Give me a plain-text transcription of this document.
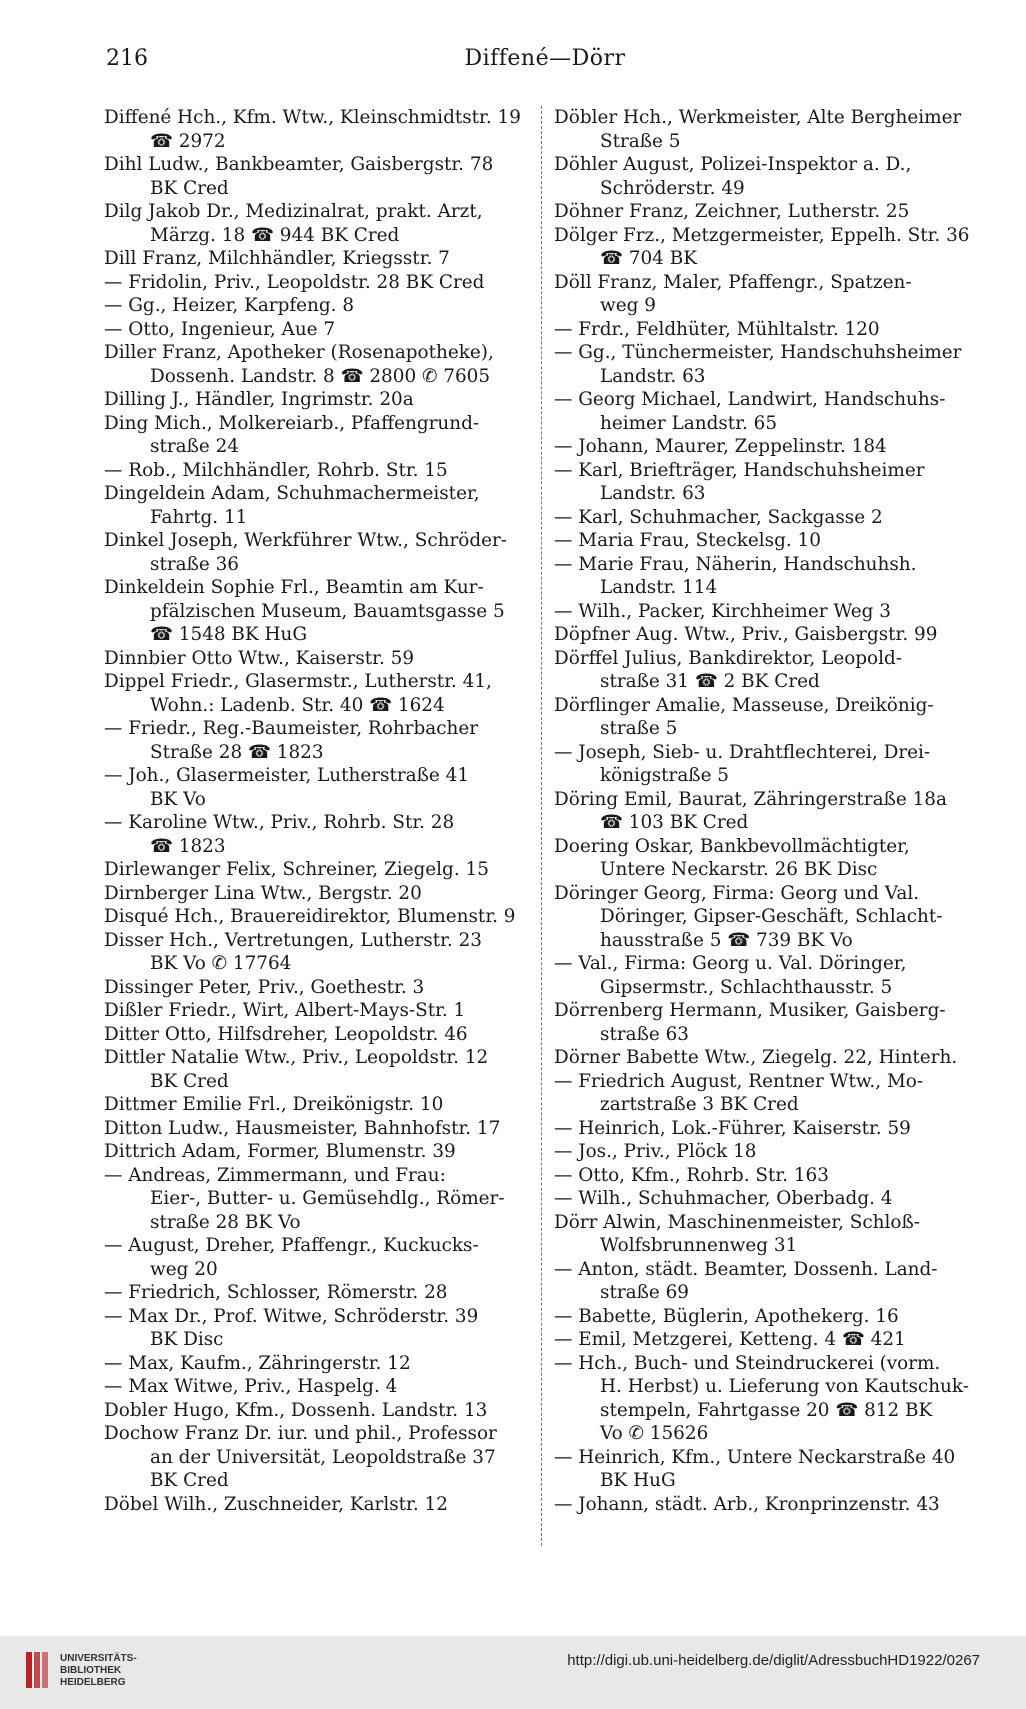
216	Diffené—Dörr
Diffené Hch., Kfm. Wtw., Kleinschmidtstr. 19
☎ 2972
Dihl Ludw., Bankbeamter, Gaisbergstr. 78
BK Cred
Dilg Jakob Dr., Medizinalrat, prakt. Arzt,
Märzg. 18 ☎ 944 BK Cred
Dill Franz, Milchhändler, Kriegsstr. 7
— Fridolin, Priv., Leopoldstr. 28 BK Cred
— Gg., Heizer, Karpfeng. 8
— Otto, Ingenieur, Aue 7
Diller Franz, Apotheker (Rosenapotheke),
Dossenh. Landstr. 8 ☎ 2800 ✆ 7605
Dilling J., Händler, Ingrimstr. 20a
Ding Mich., Molkereiarb., Pfaffengrund-
straße 24
— Rob., Milchhändler, Rohrb. Str. 15
Dingeldein Adam, Schuhmachermeister,
Fahrtg. 11
Dinkel Joseph, Werkführer Wtw., Schröder-
straße 36
Dinkeldein Sophie Frl., Beamtin am Kur-
pfälzischen Museum, Bauamtsgasse 5
☎ 1548 BK HuG
Dinnbier Otto Wtw., Kaiserstr. 59
Dippel Friedr., Glasermstr., Lutherstr. 41,
Wohn.: Ladenb. Str. 40 ☎ 1624
— Friedr., Reg.-Baumeister, Rohrbacher
Straße 28 ☎ 1823
— Joh., Glasermeister, Lutherstraße 41
BK Vo
— Karoline Wtw., Priv., Rohrb. Str. 28
☎ 1823
Dirlewanger Felix, Schreiner, Ziegelg. 15
Dirnberger Lina Wtw., Bergstr. 20
Disqué Hch., Brauereidirektor, Blumenstr. 9
Disser Hch., Vertretungen, Lutherstr. 23
BK Vo ✆ 17764
Dissinger Peter, Priv., Goethestr. 3
Dißler Friedr., Wirt, Albert-Mays-Str. 1
Ditter Otto, Hilfsdreher, Leopoldstr. 46
Dittler Natalie Wtw., Priv., Leopoldstr. 12
BK Cred
Dittmer Emilie Frl., Dreikönigstr. 10
Ditton Ludw., Hausmeister, Bahnhofstr. 17
Dittrich Adam, Former, Blumenstr. 39
— Andreas, Zimmermann, und Frau:
Eier-, Butter- u. Gemüsehdlg., Römer-
straße 28 BK Vo
— August, Dreher, Pfaffengr., Kuckucks-
weg 20
— Friedrich, Schlosser, Römerstr. 28
— Max Dr., Prof. Witwe, Schröderstr. 39
BK Disc
— Max, Kaufm., Zähringerstr. 12
— Max Witwe, Priv., Haspelg. 4
Dobler Hugo, Kfm., Dossenh. Landstr. 13
Dochow Franz Dr. iur. und phil., Professor
an der Universität, Leopoldstraße 37
BK Cred
Döbel Wilh., Zuschneider, Karlstr. 12
Döbler Hch., Werkmeister, Alte Bergheimer
Straße 5
Döhler August, Polizei-Inspektor a. D.,
Schröderstr. 49
Döhner Franz, Zeichner, Lutherstr. 25
Dölger Frz., Metzgermeister, Eppelh. Str. 36
☎ 704 BK
Döll Franz, Maler, Pfaffengr., Spatzen-
weg 9
— Frdr., Feldhüter, Mühltalstr. 120
— Gg., Tünchermeister, Handschuhsheimer
Landstr. 63
— Georg Michael, Landwirt, Handschuhs-
heimer Landstr. 65
— Johann, Maurer, Zeppelinstr. 184
— Karl, Briefträger, Handschuhsheimer
Landstr. 63
— Karl, Schuhmacher, Sackgasse 2
— Maria Frau, Steckelsg. 10
— Marie Frau, Näherin, Handschuhsh.
Landstr. 114
— Wilh., Packer, Kirchheimer Weg 3
Döpfner Aug. Wtw., Priv., Gaisbergstr. 99
Dörffel Julius, Bankdirektor, Leopold-
straße 31 ☎ 2 BK Cred
Dörflinger Amalie, Masseuse, Dreikönig-
straße 5
— Joseph, Sieb- u. Drahtflechterei, Drei-
königstraße 5
Döring Emil, Baurat, Zähringerstraße 18a
☎ 103 BK Cred
Doering Oskar, Bankbevollmächtigter,
Untere Neckarstr. 26 BK Disc
Döringer Georg, Firma: Georg und Val.
Döringer, Gipser-Geschäft, Schlacht-
hausstraße 5 ☎ 739 BK Vo
— Val., Firma: Georg u. Val. Döringer,
Gipsermstr., Schlachthausstr. 5
Dörrenberg Hermann, Musiker, Gaisberg-
straße 63
Dörner Babette Wtw., Ziegelg. 22, Hinterh.
— Friedrich August, Rentner Wtw., Mo-
zartstraße 3 BK Cred
— Heinrich, Lok.-Führer, Kaiserstr. 59
— Jos., Priv., Plöck 18
— Otto, Kfm., Rohrb. Str. 163
— Wilh., Schuhmacher, Oberbadg. 4
Dörr Alwin, Maschinenmeister, Schloß-
Wolfsbrunnenweg 31
— Anton, städt. Beamter, Dossenh. Land-
straße 69
— Babette, Büglerin, Apothekerg. 16
— Emil, Metzgerei, Ketteng. 4 ☎ 421
— Hch., Buch- und Steindruckerei (vorm.
H. Herbst) u. Lieferung von Kautschuk-
stempeln, Fahrtgasse 20 ☎ 812 BK
Vo ✆ 15626
— Heinrich, Kfm., Untere Neckarstraße 40
BK HuG
— Johann, städt. Arb., Kronprinzenstr. 43
UNIVERSITÄTS-
BIBLIOTHEK
HEIDELBERG
http://digi.ub.uni-heidelberg.de/diglit/AdressbuchHD1922/0267
